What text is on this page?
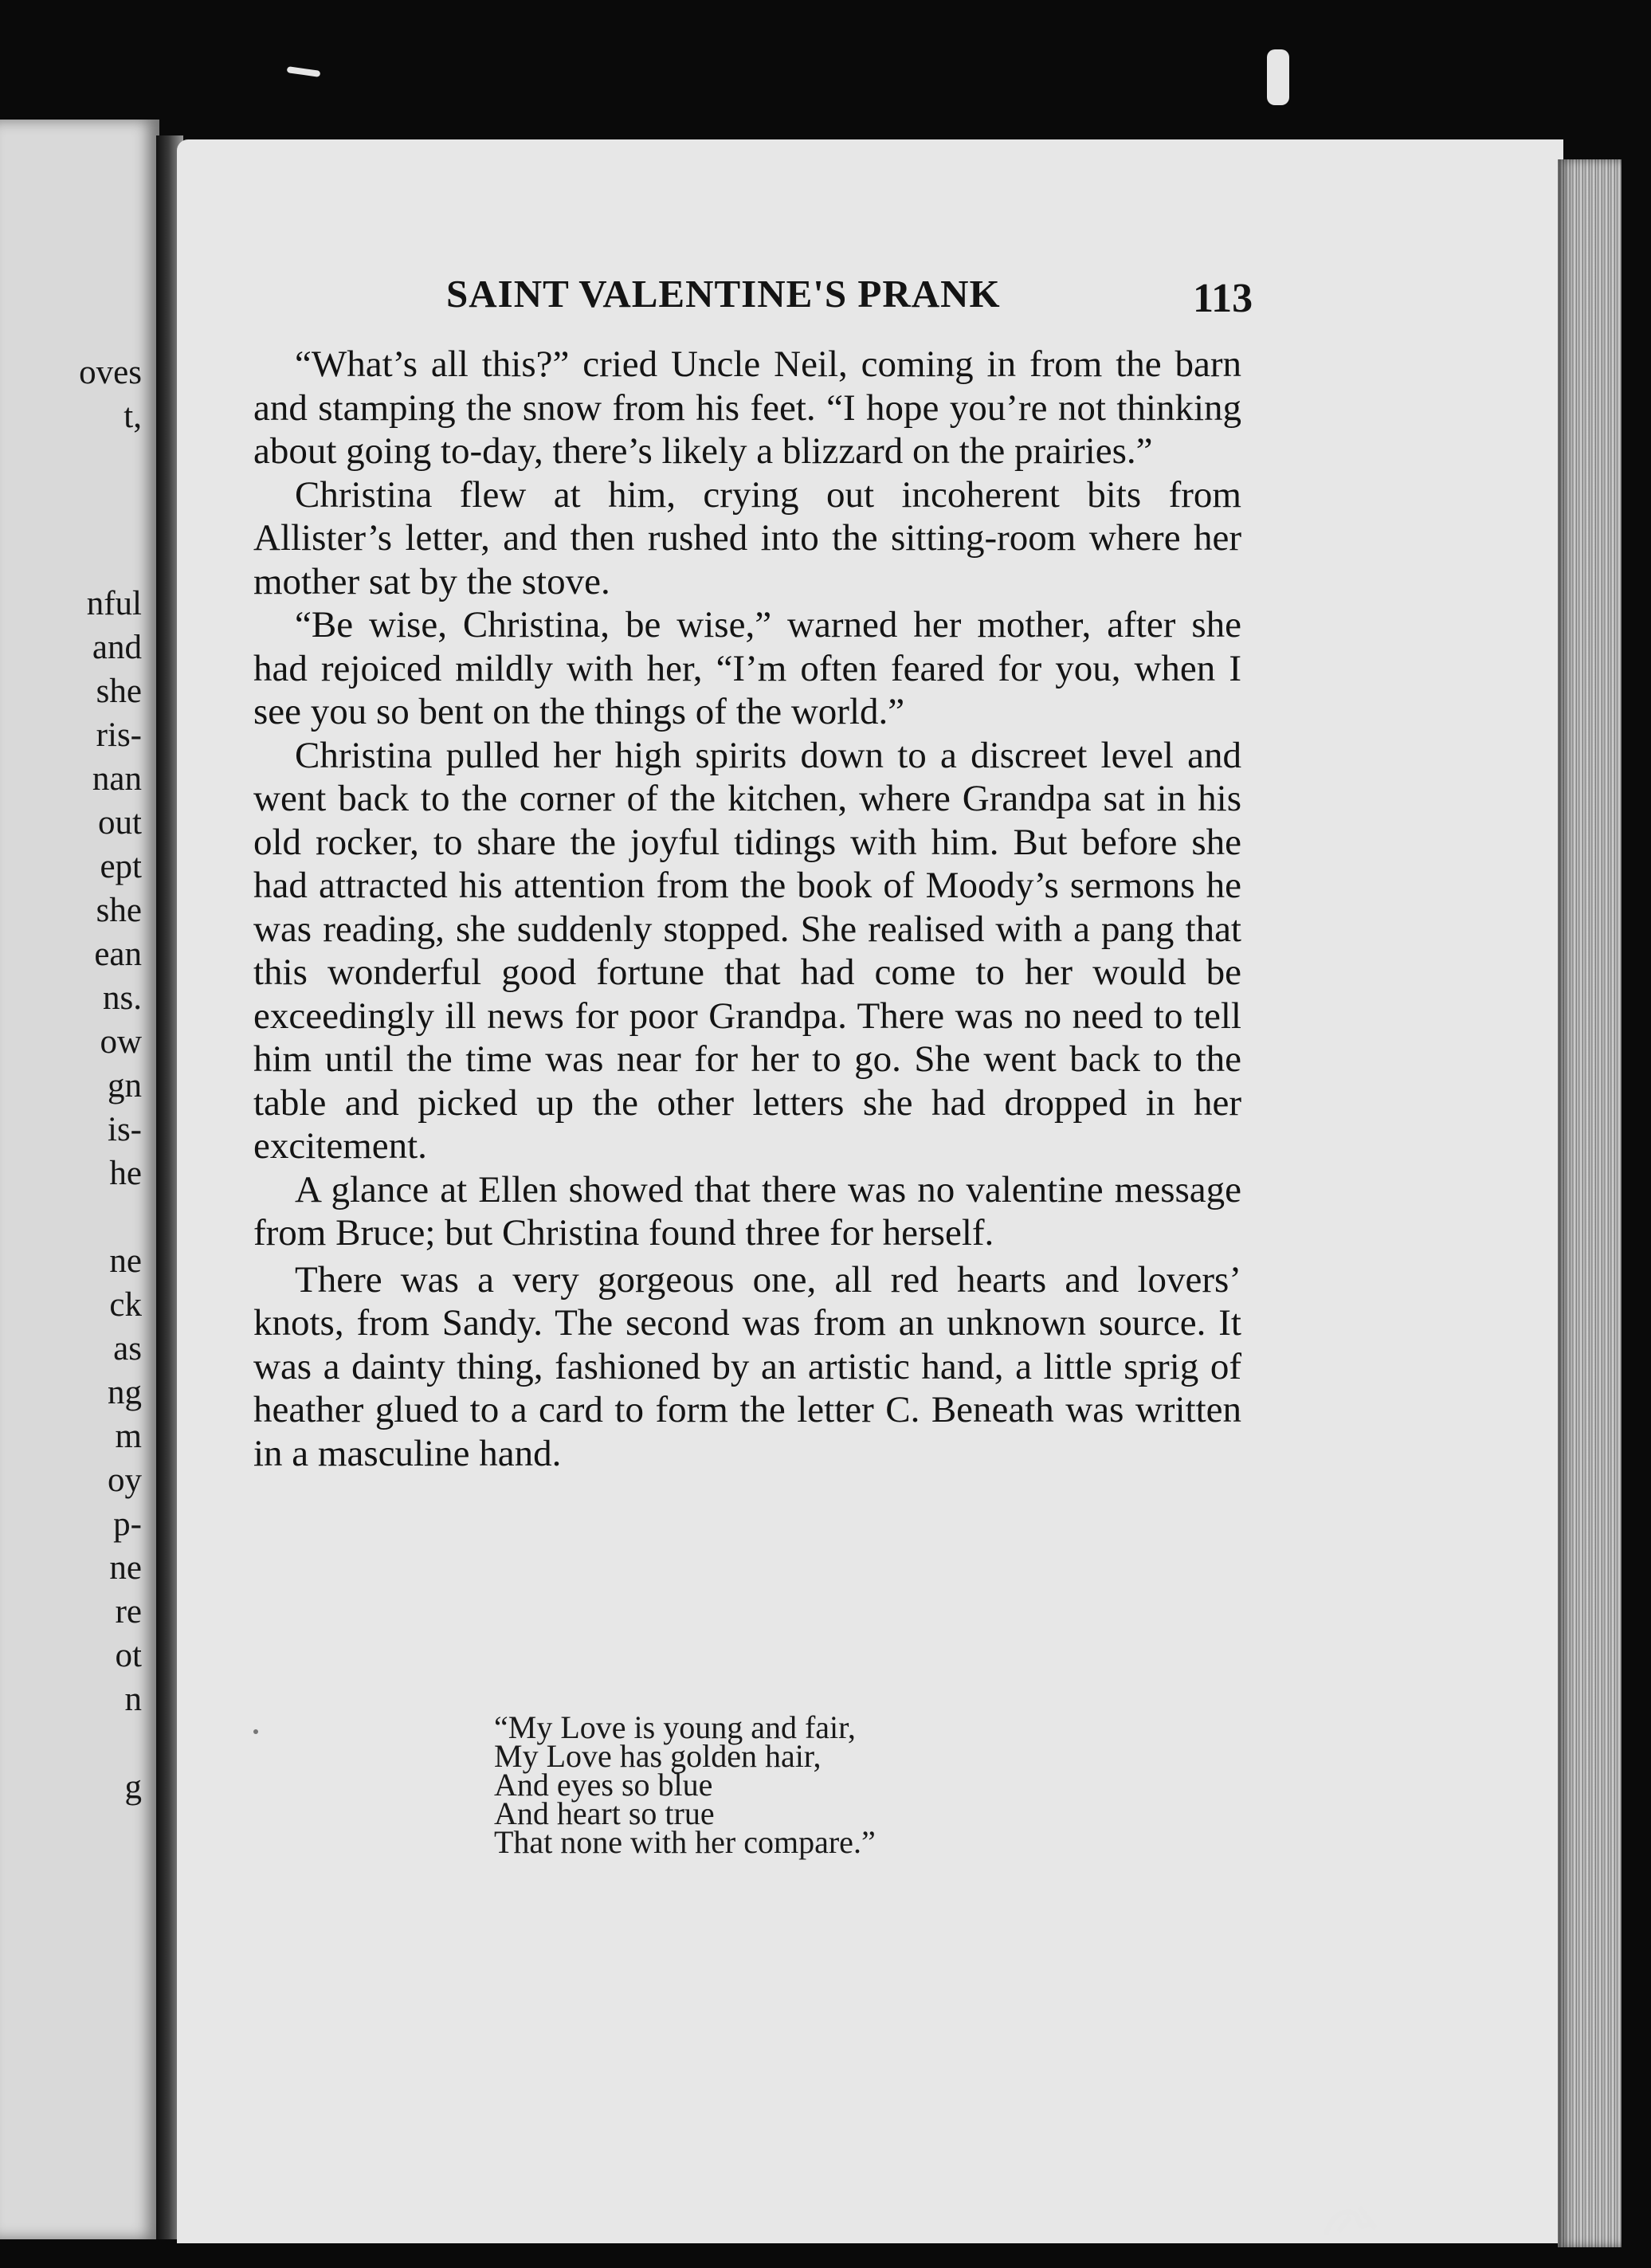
oves
t,
nful
and
she
ris-
nan
out
ept
she
ean
ns.
ow
gn
is-
he
ne
ck
as
ng
m
oy
p-
ne
re
ot
n
g
SAINT VALENTINE'S PRANK	113

“What’s all this?” cried Uncle Neil, coming in from the barn and stamping the snow from his feet. “I hope you’re not thinking about going to-day, there’s likely a blizzard on the prairies.”

Christina flew at him, crying out incoherent bits from Allister’s letter, and then rushed into the sitting-room where her mother sat by the stove.

“Be wise, Christina, be wise,” warned her mother, after she had rejoiced mildly with her, “I’m often feared for you, when I see you so bent on the things of the world.”

Christina pulled her high spirits down to a discreet level and went back to the corner of the kitchen, where Grandpa sat in his old rocker, to share the joyful tidings with him. But before she had attracted his attention from the book of Moody’s sermons he was reading, she suddenly stopped. She realised with a pang that this wonderful good fortune that had come to her would be exceedingly ill news for poor Grandpa. There was no need to tell him until the time was near for her to go. She went back to the table and picked up the other letters she had dropped in her excitement.

A glance at Ellen showed that there was no valentine message from Bruce; but Christina found three for herself.

There was a very gorgeous one, all red hearts and lovers’ knots, from Sandy. The second was from an unknown source. It was a dainty thing, fashioned by an artistic hand, a little sprig of heather glued to a card to form the letter C. Beneath was written in a masculine hand.

“My Love is young and fair,
My Love has golden hair,
And eyes so blue
And heart so true
That none with her compare.”
